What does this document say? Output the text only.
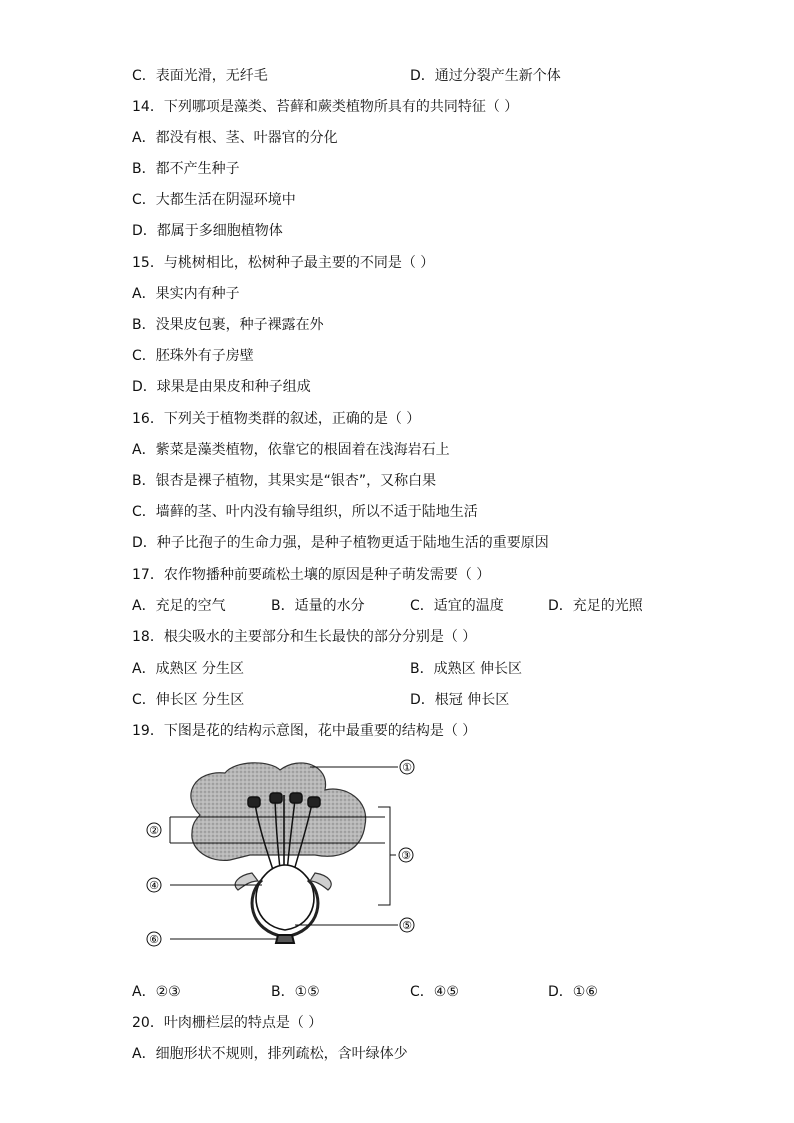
C．表面光滑，无纤毛	D．通过分裂产生新个体
14．下列哪项是藻类、苔藓和蕨类植物所具有的共同特征（ ）
A．都没有根、茎、叶器官的分化
B．都不产生种子
C．大都生活在阴湿环境中
D．都属于多细胞植物体
15．与桃树相比，松树种子最主要的不同是（ ）
A．果实内有种子
B．没果皮包裹，种子裸露在外
C．胚珠外有子房壁
D．球果是由果皮和种子组成
16．下列关于植物类群的叙述，正确的是（ ）
A．紫菜是藻类植物，依靠它的根固着在浅海岩石上
B．银杏是裸子植物，其果实是“银杏”，又称白果
C．墙藓的茎、叶内没有输导组织，所以不适于陆地生活
D．种子比孢子的生命力强，是种子植物更适于陆地生活的重要原因
17．农作物播种前要疏松土壤的原因是种子萌发需要（ ）
A．充足的空气	B．适量的水分	C．适宜的温度	D．充足的光照
18．根尖吸水的主要部分和生长最快的部分分别是（ ）
A．成熟区 分生区	B．成熟区 伸长区
C．伸长区 分生区	D．根冠 伸长区
19．下图是花的结构示意图，花中最重要的结构是（ ）
①
②
③
④
⑤
⑥
A．②③	B．①⑤	C．④⑤	D．①⑥
20．叶肉栅栏层的特点是（ ）
A．细胞形状不规则，排列疏松，含叶绿体少
